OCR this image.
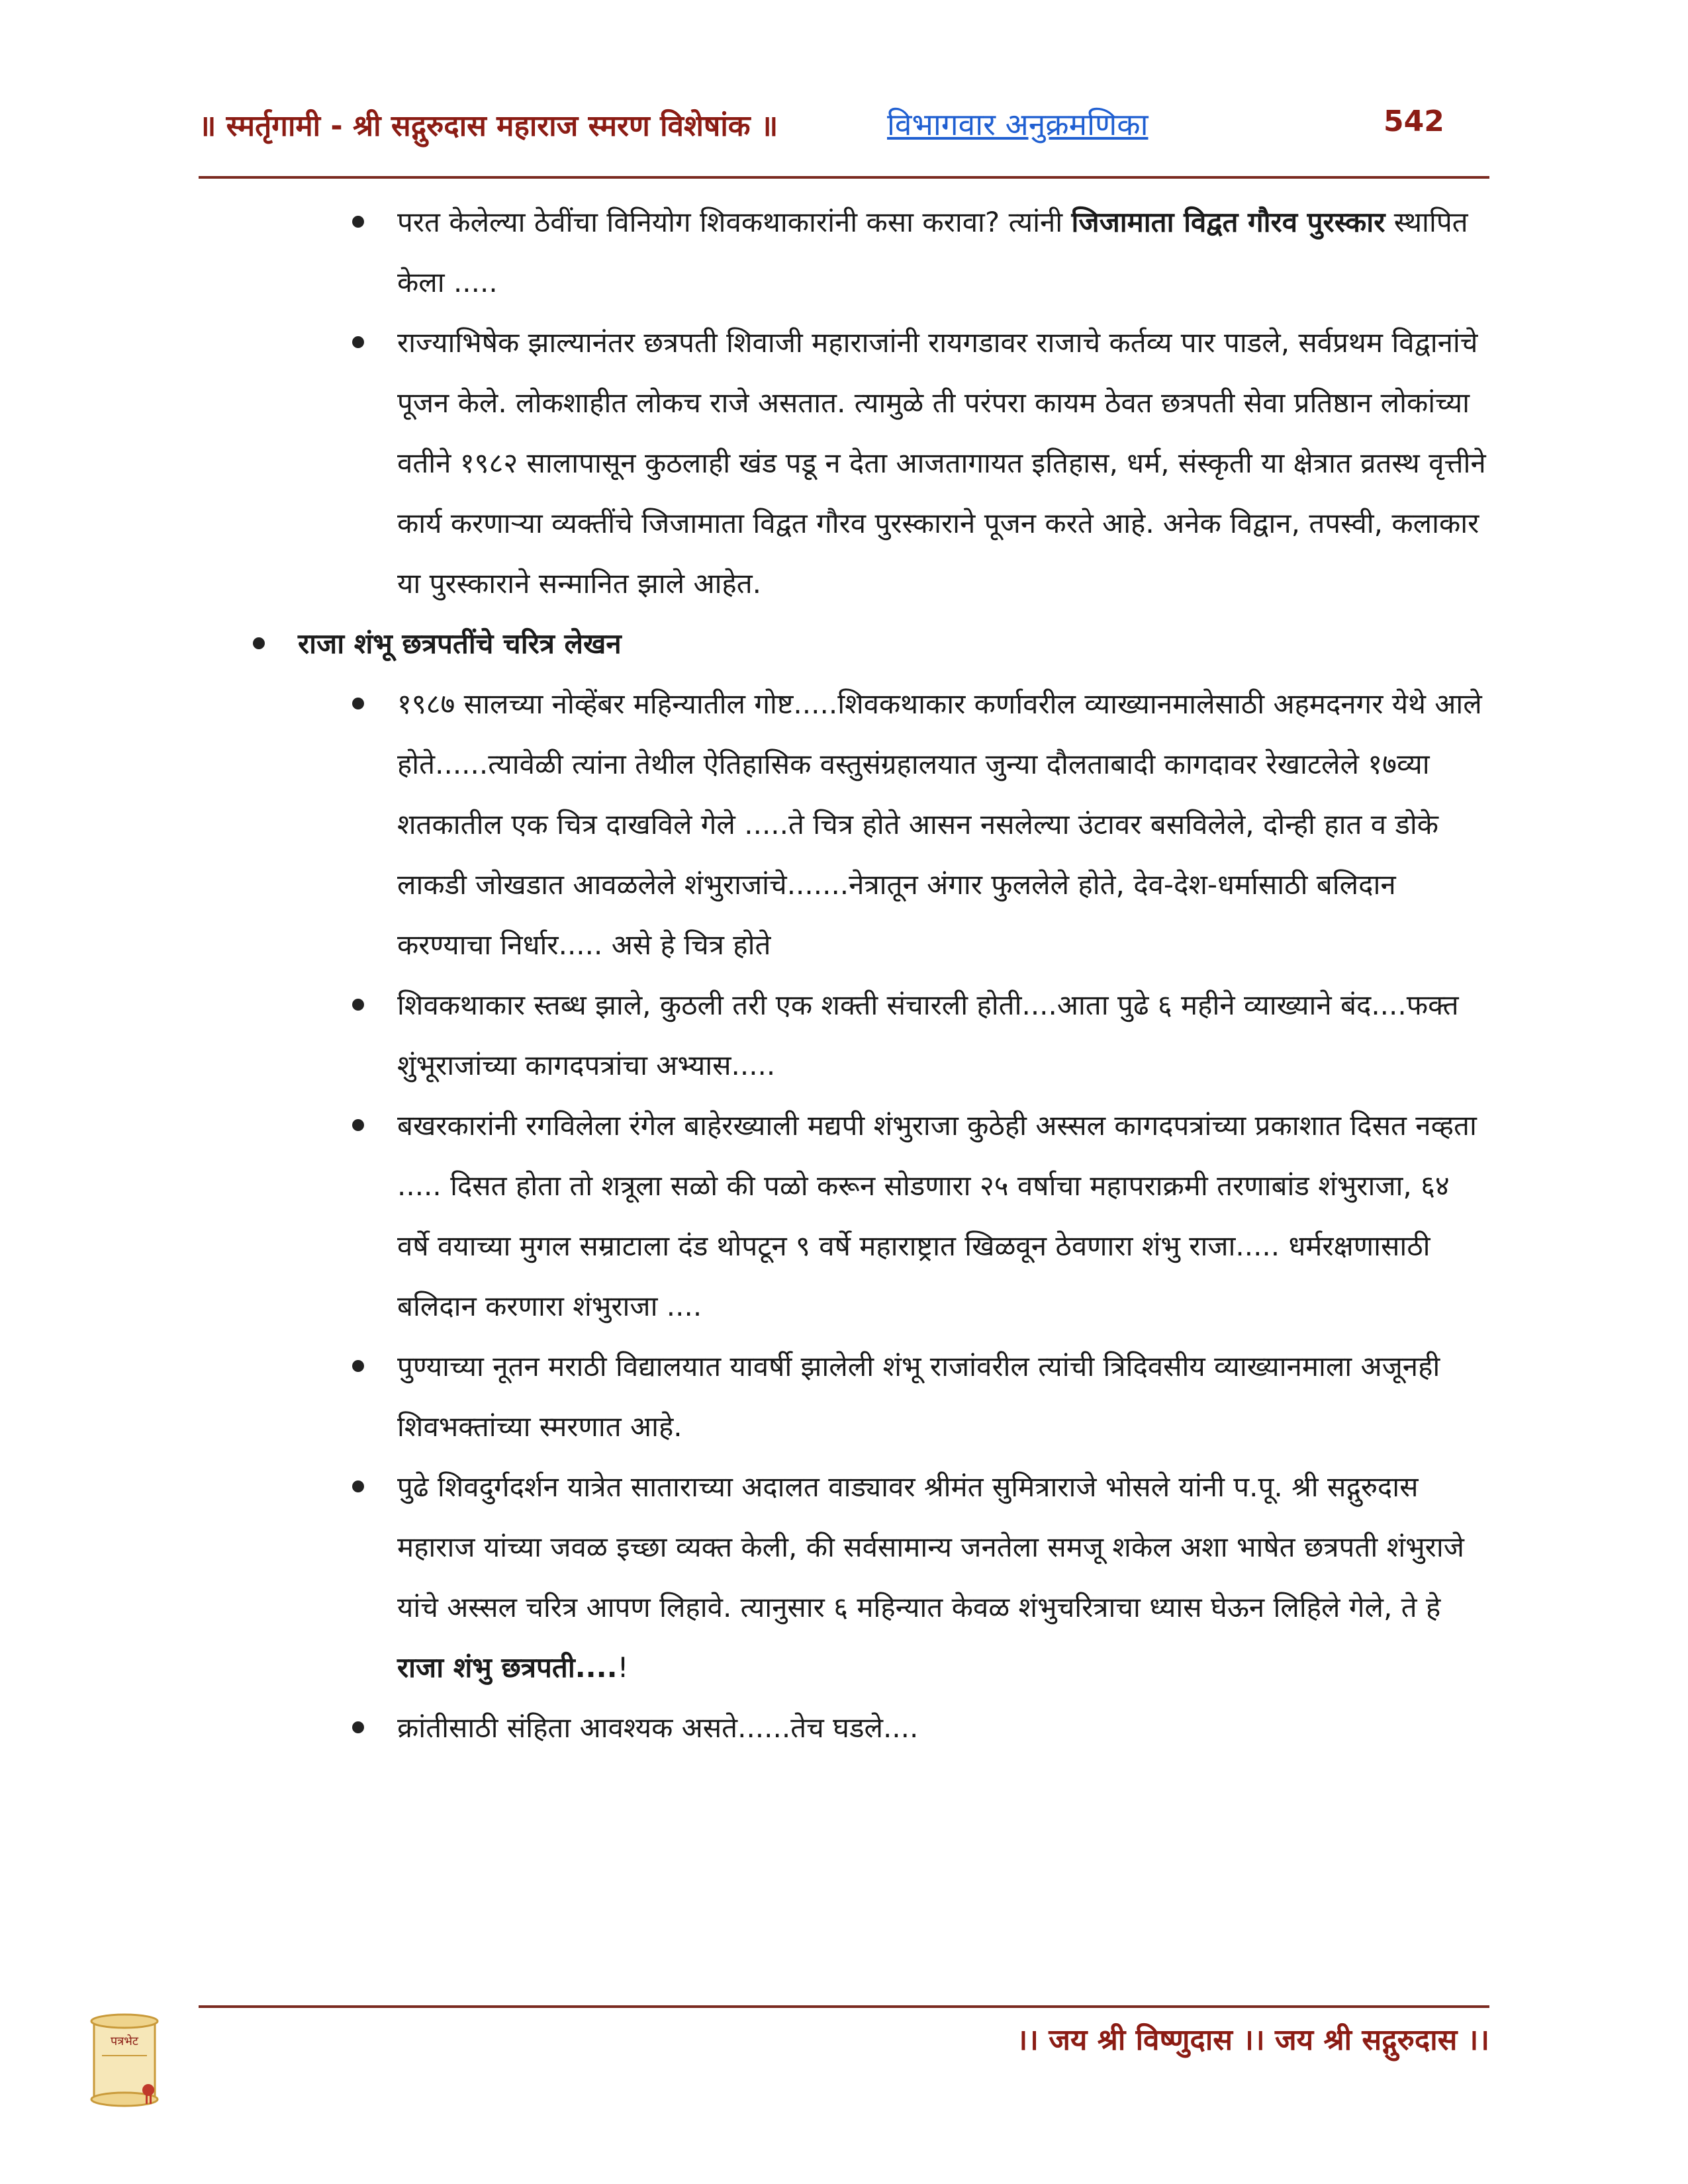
॥ स्मर्तृगामी - श्री सद्गुरुदास महाराज स्मरण विशेषांक ॥	विभागवार अनुक्रमणिका	542
परत केलेल्या ठेवींचा विनियोग शिवकथाकारांनी कसा करावा? त्यांनी जिजामाता विद्वत गौरव पुरस्कार स्थापित केला .....
राज्याभिषेक झाल्यानंतर छत्रपती शिवाजी महाराजांनी रायगडावर राजाचे कर्तव्य पार पाडले, सर्वप्रथम विद्वानांचे पूजन केले. लोकशाहीत लोकच राजे असतात. त्यामुळे ती परंपरा कायम ठेवत छत्रपती सेवा प्रतिष्ठान लोकांच्या वतीने १९८२ सालापासून कुठलाही खंड पडू न देता आजतागायत इतिहास, धर्म, संस्कृती या क्षेत्रात व्रतस्थ वृत्तीने कार्य करणाऱ्या व्यक्तींचे जिजामाता विद्वत गौरव पुरस्काराने पूजन करते आहे. अनेक विद्वान, तपस्वी, कलाकार या पुरस्काराने सन्मानित झाले आहेत.
राजा शंभू छत्रपतींचे चरित्र लेखन
१९८७ सालच्या नोव्हेंबर महिन्यातील गोष्ट.....शिवकथाकार कर्णावरील व्याख्यानमालेसाठी अहमदनगर येथे आले होते......त्यावेळी त्यांना तेथील ऐतिहासिक वस्तुसंग्रहालयात जुन्या दौलताबादी कागदावर रेखाटलेले १७व्या शतकातील एक चित्र दाखविले गेले .....ते चित्र होते आसन नसलेल्या उंटावर बसविलेले, दोन्ही हात व डोके लाकडी जोखडात आवळलेले शंभुराजांचे.......नेत्रातून अंगार फुललेले होते, देव-देश-धर्मासाठी बलिदान करण्याचा निर्धार..... असे हे चित्र होते
शिवकथाकार स्तब्ध झाले, कुठली तरी एक शक्ती संचारली होती....आता पुढे ६ महीने व्याख्याने बंद....फक्त शुंभूराजांच्या कागदपत्रांचा अभ्यास.....
बखरकारांनी रगविलेला रंगेल बाहेरख्याली मद्यपी शंभुराजा कुठेही अस्सल कागदपत्रांच्या प्रकाशात दिसत नव्हता ..... दिसत होता तो शत्रूला सळो की पळो करून सोडणारा २५ वर्षाचा महापराक्रमी तरणाबांड शंभुराजा, ६४ वर्षे वयाच्या मुगल सम्राटाला दंड थोपटून ९ वर्षे महाराष्ट्रात खिळवून ठेवणारा शंभु राजा..... धर्मरक्षणासाठी बलिदान करणारा शंभुराजा ....
पुण्याच्या नूतन मराठी विद्यालयात यावर्षी झालेली शंभू राजांवरील त्यांची त्रिदिवसीय व्याख्यानमाला अजूनही शिवभक्तांच्या स्मरणात आहे.
पुढे शिवदुर्गदर्शन यात्रेत साताराच्या अदालत वाड्यावर श्रीमंत सुमित्राराजे भोसले यांनी प.पू. श्री सद्गुरुदास महाराज यांच्या जवळ इच्छा व्यक्त केली, की सर्वसामान्य जनतेला समजू शकेल अशा भाषेत छत्रपती शंभुराजे यांचे अस्सल चरित्र आपण लिहावे. त्यानुसार ६ महिन्यात केवळ शंभुचरित्राचा ध्यास घेऊन लिहिले गेले, ते हे राजा शंभु छत्रपती....!
क्रांतीसाठी संहिता आवश्यक असते......तेच घडले....
पत्रभेट	।। जय श्री विष्णुदास ।। जय श्री सद्गुरुदास ।।
